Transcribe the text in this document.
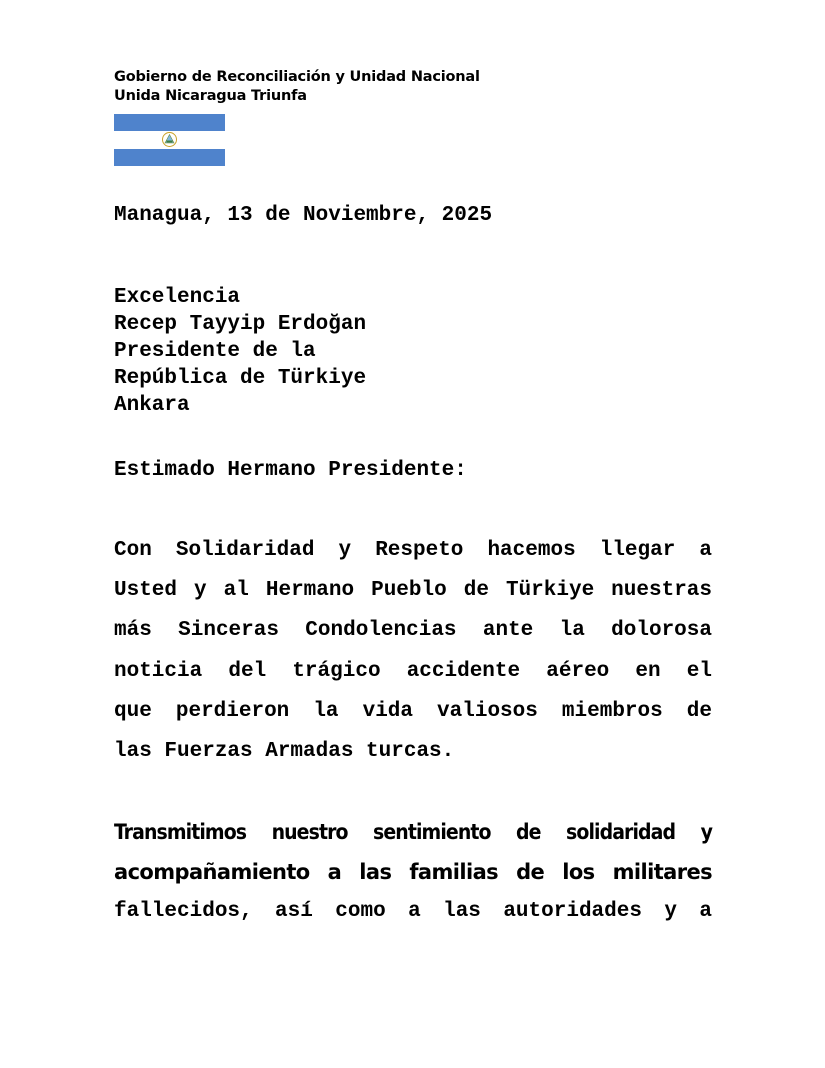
Gobierno de Reconciliación y Unidad Nacional
Unida Nicaragua Triunfa

Managua, 13 de Noviembre, 2025

Excelencia
Recep Tayyip Erdoğan
Presidente de la
República de Türkiye
Ankara

Estimado Hermano Presidente:

Con Solidaridad y Respeto hacemos llegar a
Usted y al Hermano Pueblo de Türkiye nuestras
más Sinceras Condolencias ante la dolorosa
noticia del trágico accidente aéreo en el
que perdieron la vida valiosos miembros de
las Fuerzas Armadas turcas.
Transmitimos nuestro sentimiento de solidaridad y
acompañamiento a las familias de los militares
fallecidos, así como a las autoridades y a
